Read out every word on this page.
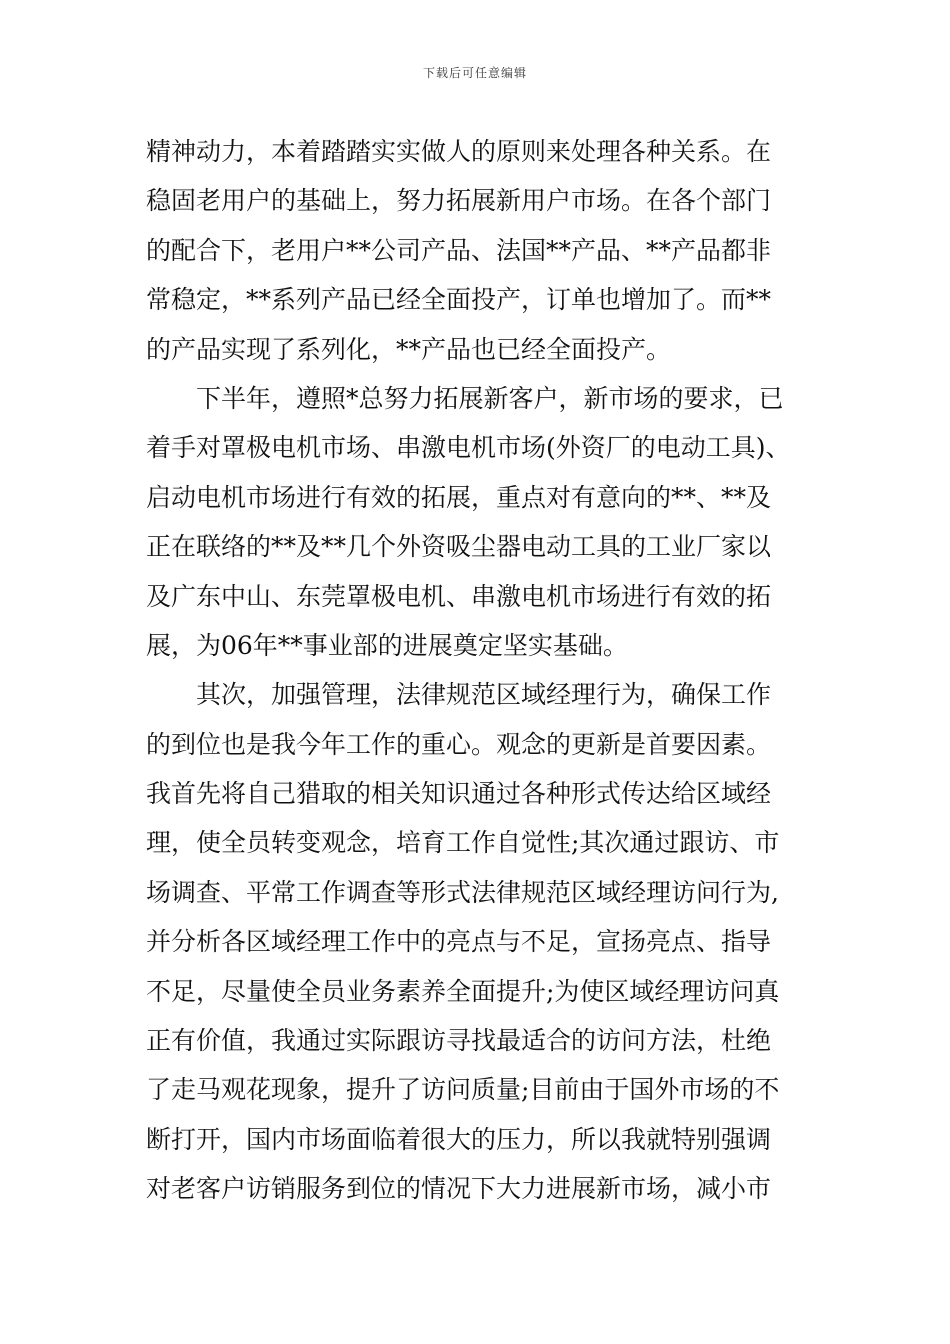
下载后可任意编辑
精神动力，本着踏踏实实做人的原则来处理各种关系。在
稳固老用户的基础上，努力拓展新用户市场。在各个部门
的配合下，老用户**公司产品、法国**产品、**产品都非
常稳定，**系列产品已经全面投产，订单也增加了。而**
的产品实现了系列化，**产品也已经全面投产。
下半年，遵照*总努力拓展新客户，新市场的要求，已
着手对罩极电机市场、串激电机市场(外资厂的电动工具)、
启动电机市场进行有效的拓展，重点对有意向的**、**及
正在联络的**及**几个外资吸尘器电动工具的工业厂家以
及广东中山、东莞罩极电机、串激电机市场进行有效的拓
展，为06年**事业部的进展奠定坚实基础。
其次，加强管理，法律规范区域经理行为，确保工作
的到位也是我今年工作的重心。观念的更新是首要因素。
我首先将自己猎取的相关知识通过各种形式传达给区域经
理，使全员转变观念，培育工作自觉性;其次通过跟访、市
场调查、平常工作调查等形式法律规范区域经理访问行为,
并分析各区域经理工作中的亮点与不足，宣扬亮点、指导
不足，尽量使全员业务素养全面提升;为使区域经理访问真
正有价值，我通过实际跟访寻找最适合的访问方法，杜绝
了走马观花现象，提升了访问质量;目前由于国外市场的不
断打开，国内市场面临着很大的压力，所以我就特别强调
对老客户访销服务到位的情况下大力进展新市场，减小市
